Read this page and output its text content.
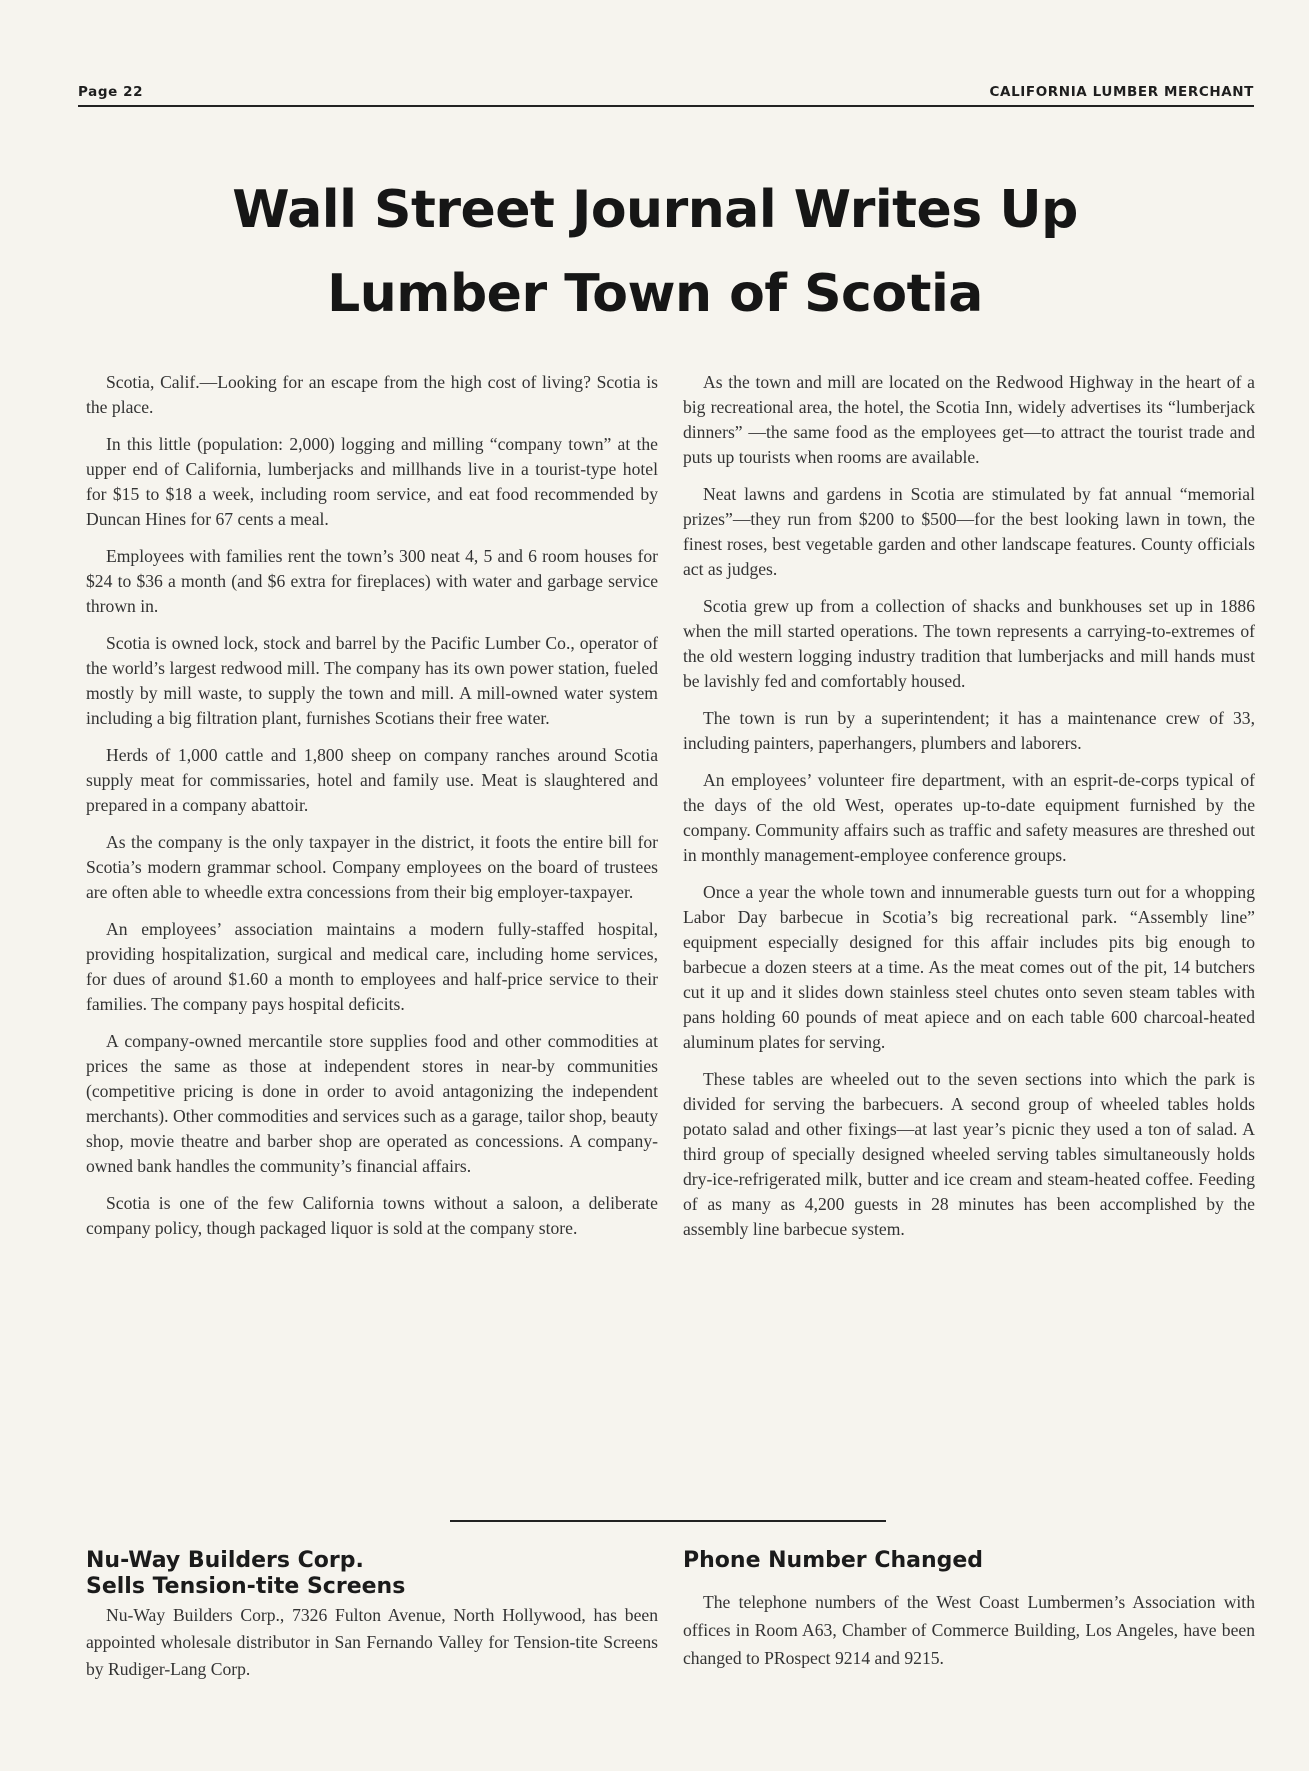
Page 22	CALIFORNIA LUMBER MERCHANT
Wall Street Journal Writes Up
Lumber Town of Scotia

Scotia, Calif.—Looking for an escape from the high cost of living? Scotia is the place.

In this little (population: 2,000) logging and milling “company town” at the upper end of California, lumberjacks and millhands live in a tourist-type hotel for $15 to $18 a week, including room service, and eat food recommended by Duncan Hines for 67 cents a meal.

Employees with families rent the town’s 300 neat 4, 5 and 6 room houses for $24 to $36 a month (and $6 extra for fireplaces) with water and garbage service thrown in.

Scotia is owned lock, stock and barrel by the Pacific Lumber Co., operator of the world’s largest redwood mill. The company has its own power station, fueled mostly by mill waste, to supply the town and mill. A mill-owned water system including a big filtration plant, furnishes Scotians their free water.

Herds of 1,000 cattle and 1,800 sheep on company ranches around Scotia supply meat for commissaries, hotel and family use. Meat is slaughtered and prepared in a company abattoir.

As the company is the only taxpayer in the district, it foots the entire bill for Scotia’s modern grammar school. Company employees on the board of trustees are often able to wheedle extra concessions from their big employer-taxpayer.

An employees’ association maintains a modern fully-staffed hospital, providing hospitalization, surgical and medical care, including home services, for dues of around $1.60 a month to employees and half-price service to their families. The company pays hospital deficits.

A company-owned mercantile store supplies food and other commodities at prices the same as those at independent stores in near-by communities (competitive pricing is done in order to avoid antagonizing the independent merchants). Other commodities and services such as a garage, tailor shop, beauty shop, movie theatre and barber shop are operated as concessions. A company-owned bank handles the community’s financial affairs.

Scotia is one of the few California towns without a saloon, a deliberate company policy, though packaged liquor is sold at the company store.

As the town and mill are located on the Redwood Highway in the heart of a big recreational area, the hotel, the Scotia Inn, widely advertises its “lumberjack dinners” —the same food as the employees get—to attract the tourist trade and puts up tourists when rooms are available.

Neat lawns and gardens in Scotia are stimulated by fat annual “memorial prizes”—they run from $200 to $500—for the best looking lawn in town, the finest roses, best vegetable garden and other landscape features. County officials act as judges.

Scotia grew up from a collection of shacks and bunkhouses set up in 1886 when the mill started operations. The town represents a carrying-to-extremes of the old western logging industry tradition that lumberjacks and mill hands must be lavishly fed and comfortably housed.

The town is run by a superintendent; it has a maintenance crew of 33, including painters, paperhangers, plumbers and laborers.

An employees’ volunteer fire department, with an esprit-de-corps typical of the days of the old West, operates up-to-date equipment furnished by the company. Community affairs such as traffic and safety measures are threshed out in monthly management-employee conference groups.

Once a year the whole town and innumerable guests turn out for a whopping Labor Day barbecue in Scotia’s big recreational park. “Assembly line” equipment especially designed for this affair includes pits big enough to barbecue a dozen steers at a time. As the meat comes out of the pit, 14 butchers cut it up and it slides down stainless steel chutes onto seven steam tables with pans holding 60 pounds of meat apiece and on each table 600 charcoal-heated aluminum plates for serving.

These tables are wheeled out to the seven sections into which the park is divided for serving the barbecuers. A second group of wheeled tables holds potato salad and other fixings—at last year’s picnic they used a ton of salad. A third group of specially designed wheeled serving tables simultaneously holds dry-ice-refrigerated milk, butter and ice cream and steam-heated coffee. Feeding of as many as 4,200 guests in 28 minutes has been accomplished by the assembly line barbecue system.

Nu-Way Builders Corp.
Sells Tension-tite Screens

Nu-Way Builders Corp., 7326 Fulton Avenue, North Hollywood, has been appointed wholesale distributor in San Fernando Valley for Tension-tite Screens by Rudiger-Lang Corp.

Phone Number Changed

The telephone numbers of the West Coast Lumbermen’s Association with offices in Room A63, Chamber of Commerce Building, Los Angeles, have been changed to PRospect 9214 and 9215.
